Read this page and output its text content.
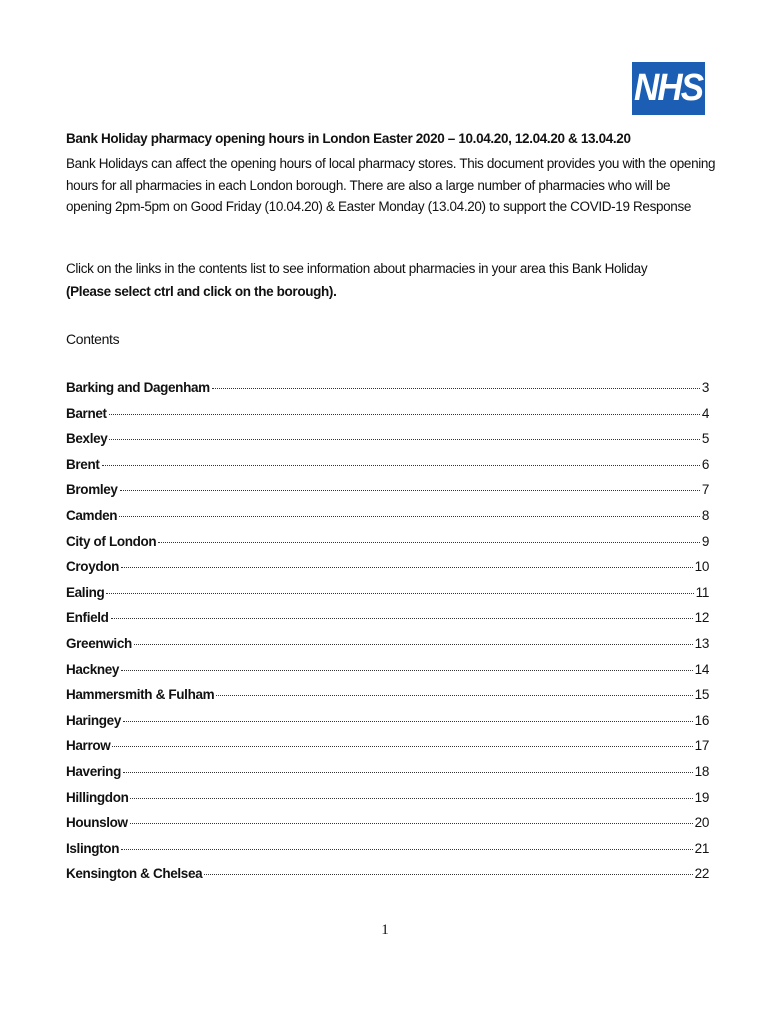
NHS
Bank Holiday pharmacy opening hours in London Easter 2020 – 10.04.20, 12.04.20 & 13.04.20
Bank Holidays can affect the opening hours of local pharmacy stores. This document provides you with the opening hours for all pharmacies in each London borough. There are also a large number of pharmacies who will be opening 2pm-5pm on Good Friday (10.04.20) & Easter Monday (13.04.20) to support the COVID-19 Response
Click on the links in the contents list to see information about pharmacies in your area this Bank Holiday
(Please select ctrl and click on the borough).
Contents
Barking and Dagenham	3
Barnet	4
Bexley	5
Brent	6
Bromley	7
Camden	8
City of London	9
Croydon	10
Ealing	11
Enfield	12
Greenwich	13
Hackney	14
Hammersmith & Fulham	15
Haringey	16
Harrow	17
Havering	18
Hillingdon	19
Hounslow	20
Islington	21
Kensington & Chelsea	22
1
